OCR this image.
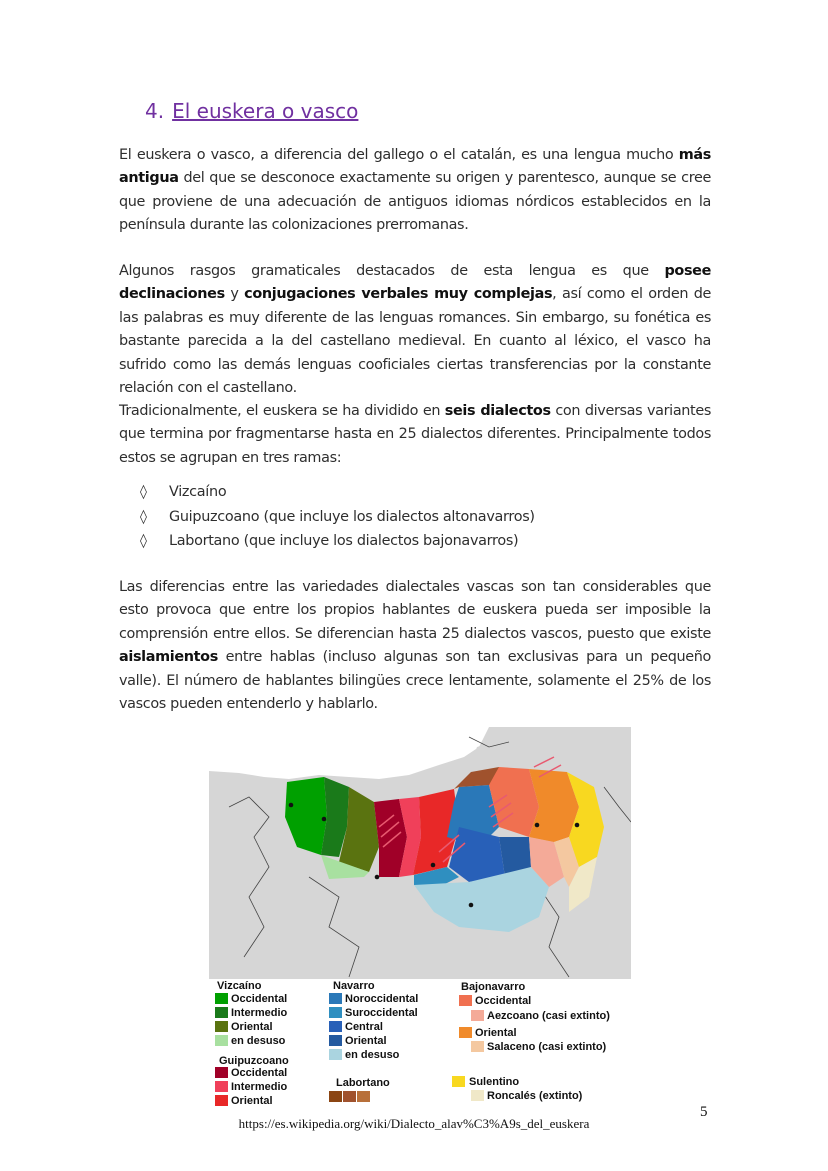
4. El euskera o vasco

El euskera o vasco, a diferencia del gallego o el catalán, es una lengua mucho más antigua del que se desconoce exactamente su origen y parentesco, aunque se cree que proviene de una adecuación de antiguos idiomas nórdicos establecidos en la península durante las colonizaciones prerromanas.

Algunos rasgos gramaticales destacados de esta lengua es que posee declinaciones y conjugaciones verbales muy complejas, así como el orden de las palabras es muy diferente de las lenguas romances. Sin embargo, su fonética es bastante parecida a la del castellano medieval. En cuanto al léxico, el vasco ha sufrido como las demás lenguas cooficiales ciertas transferencias por la constante relación con el castellano.

Tradicionalmente, el euskera se ha dividido en seis dialectos con diversas variantes que termina por fragmentarse hasta en 25 dialectos diferentes. Principalmente todos estos se agrupan en tres ramas:

◊	Vizcaíno
◊	Guipuzcoano (que incluye los dialectos altonavarros)
◊	Labortano (que incluye los dialectos bajonavarros)

Las diferencias entre las variedades dialectales vascas son tan considerables que esto provoca que entre los propios hablantes de euskera pueda ser imposible la comprensión entre ellos. Se diferencian hasta 25 dialectos vascos, puesto que existe aislamientos entre hablas (incluso algunas son tan exclusivas para un pequeño valle). El número de hablantes bilingües crece lentamente, solamente el 25% de los vascos pueden entenderlo y hablarlo.

Vizcaíno
Occidental
Intermedio
Oriental
en desuso
Guipuzcoano
Occidental
Intermedio
Oriental
Navarro
Noroccidental
Suroccidental
Central
Oriental
en desuso
Labortano
Bajonavarro
Occidental
Aezcoano (casi extinto)
Oriental
Salaceno (casi extinto)
Sulentino
Roncalés (extinto)
https://es.wikipedia.org/wiki/Dialecto_alav%C3%A9s_del_euskera
5
